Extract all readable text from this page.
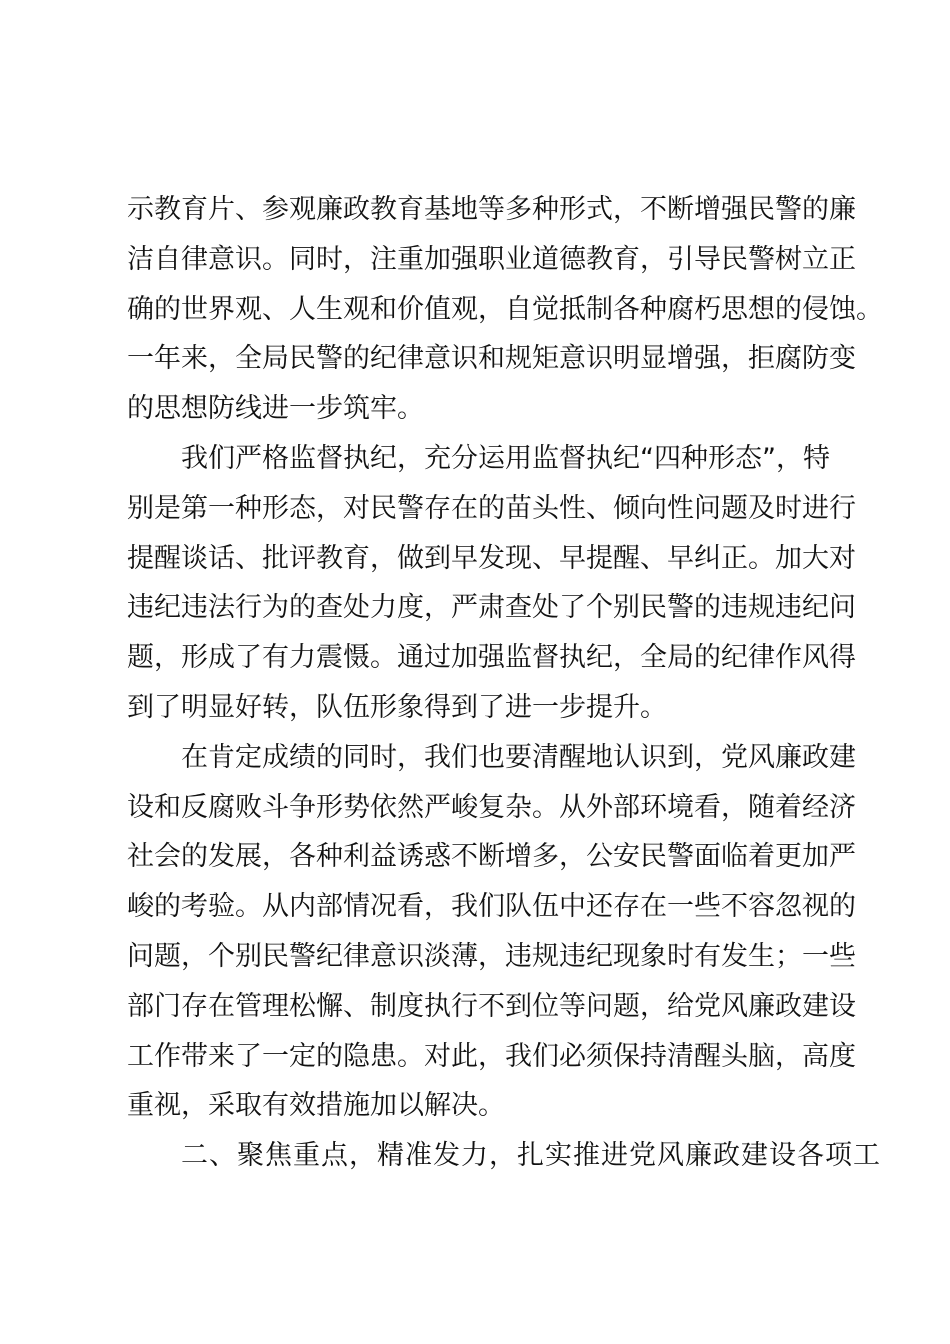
示教育片、参观廉政教育基地等多种形式，不断增强民警的廉
洁自律意识。同时，注重加强职业道德教育，引导民警树立正
确的世界观、人生观和价值观，自觉抵制各种腐朽思想的侵蚀。
一年来，全局民警的纪律意识和规矩意识明显增强，拒腐防变
的思想防线进一步筑牢。
我们严格监督执纪，充分运用监督执纪“四种形态”，特
别是第一种形态，对民警存在的苗头性、倾向性问题及时进行
提醒谈话、批评教育，做到早发现、早提醒、早纠正。加大对
违纪违法行为的查处力度，严肃查处了个别民警的违规违纪问
题，形成了有力震慑。通过加强监督执纪，全局的纪律作风得
到了明显好转，队伍形象得到了进一步提升。
在肯定成绩的同时，我们也要清醒地认识到，党风廉政建
设和反腐败斗争形势依然严峻复杂。从外部环境看，随着经济
社会的发展，各种利益诱惑不断增多，公安民警面临着更加严
峻的考验。从内部情况看，我们队伍中还存在一些不容忽视的
问题，个别民警纪律意识淡薄，违规违纪现象时有发生；一些
部门存在管理松懈、制度执行不到位等问题，给党风廉政建设
工作带来了一定的隐患。对此，我们必须保持清醒头脑，高度
重视，采取有效措施加以解决。
二、聚焦重点，精准发力，扎实推进党风廉政建设各项工
